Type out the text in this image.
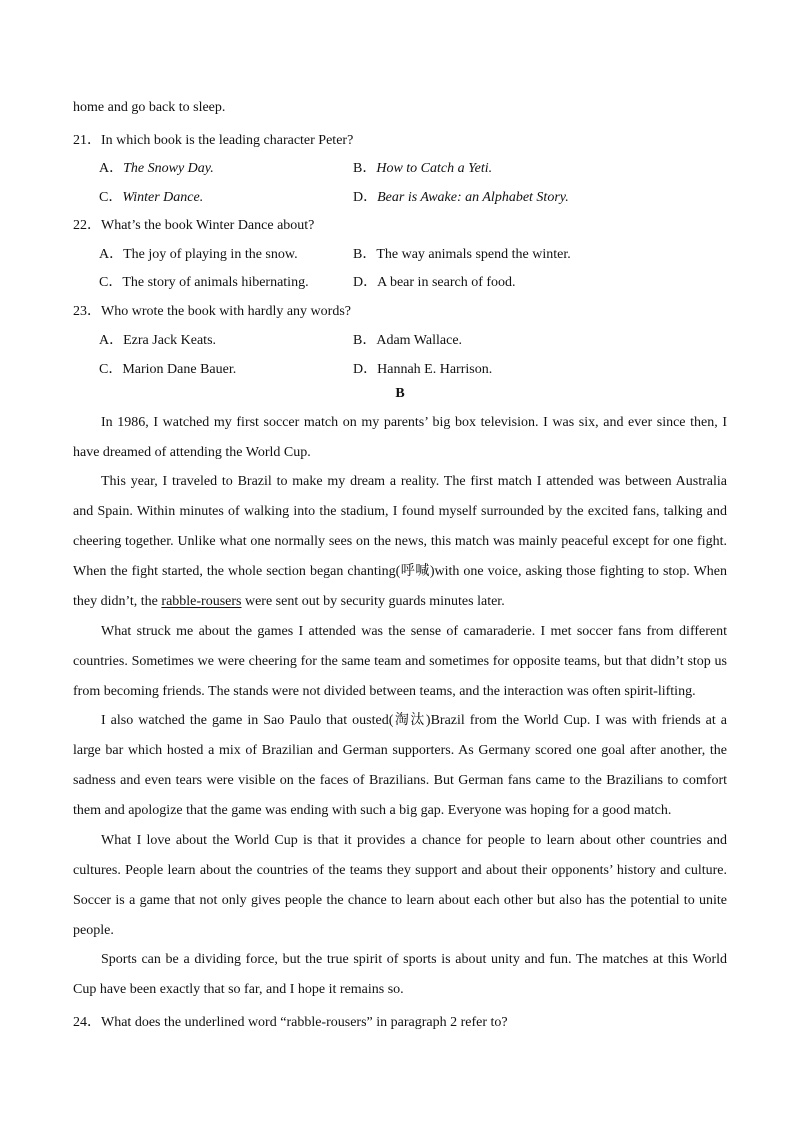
home and go back to sleep.
21．In which book is the leading character Peter?
A．The Snowy Day.	B．How to Catch a Yeti.
C．Winter Dance.	D．Bear is Awake: an Alphabet Story.
22．What’s the book Winter Dance about?
A．The joy of playing in the snow.	B．The way animals spend the winter.
C．The story of animals hibernating.	D．A bear in search of food.
23．Who wrote the book with hardly any words?
A．Ezra Jack Keats.	B．Adam Wallace.
C．Marion Dane Bauer.	D．Hannah E. Harrison.
B
In 1986, I watched my first soccer match on my parents’ big box television. I was six, and ever since then, I
have dreamed of attending the World Cup.
This year, I traveled to Brazil to make my dream a reality. The first match I attended was between Australia
and Spain. Within minutes of walking into the stadium, I found myself surrounded by the excited fans, talking and
cheering together. Unlike what one normally sees on the news, this match was mainly peaceful except for one fight.
When the fight started, the whole section began chanting(呼喊)with one voice, asking those fighting to stop. When
they didn’t, the rabble-rousers were sent out by security guards minutes later.
What struck me about the games I attended was the sense of camaraderie. I met soccer fans from different
countries. Sometimes we were cheering for the same team and sometimes for opposite teams, but that didn’t stop us
from becoming friends. The stands were not divided between teams, and the interaction was often spirit-lifting.
I also watched the game in Sao Paulo that ousted(淘汰)Brazil from the World Cup. I was with friends at a
large bar which hosted a mix of Brazilian and German supporters. As Germany scored one goal after another, the
sadness and even tears were visible on the faces of Brazilians. But German fans came to the Brazilians to comfort
them and apologize that the game was ending with such a big gap. Everyone was hoping for a good match.
What I love about the World Cup is that it provides a chance for people to learn about other countries and
cultures. People learn about the countries of the teams they support and about their opponents’ history and culture.
Soccer is a game that not only gives people the chance to learn about each other but also has the potential to unite
people.
Sports can be a dividing force, but the true spirit of sports is about unity and fun. The matches at this World
Cup have been exactly that so far, and I hope it remains so.
24．What does the underlined word “rabble-rousers” in paragraph 2 refer to?
